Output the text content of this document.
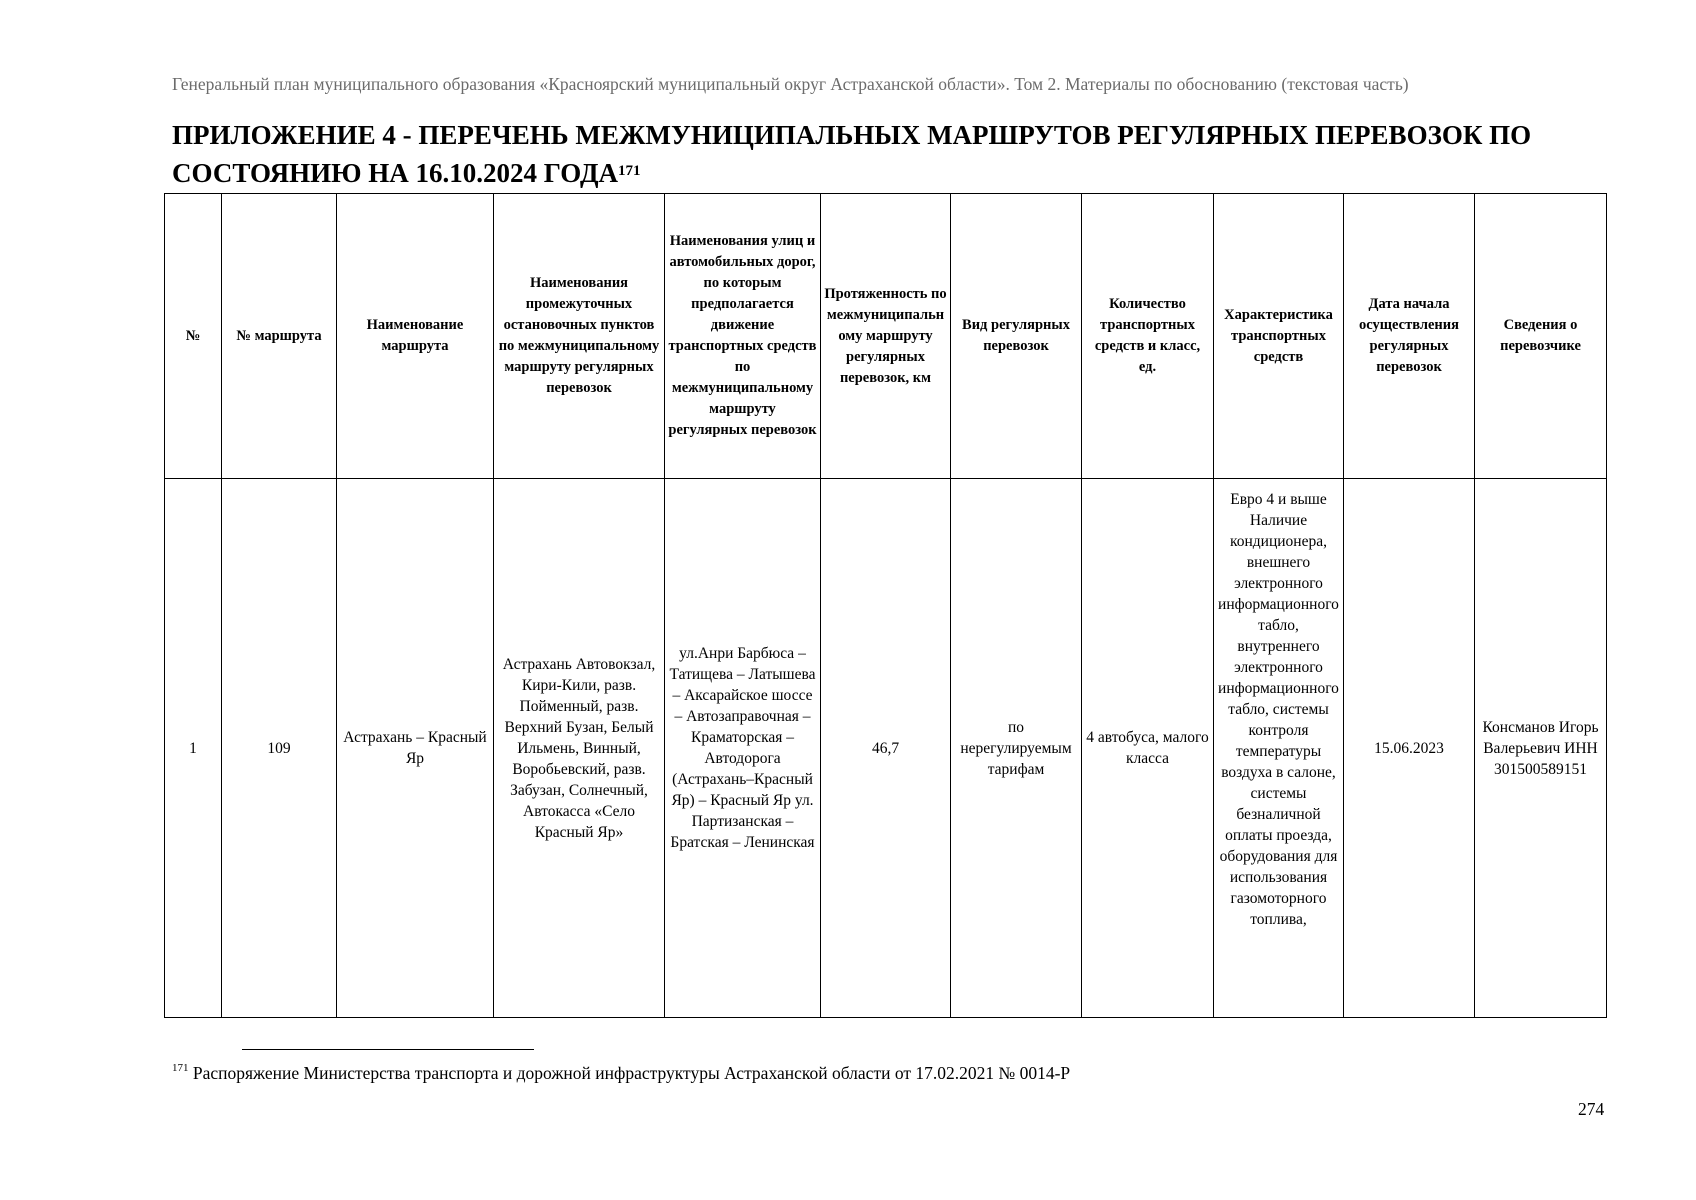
Генеральный план муниципального образования «Красноярский муниципальный округ Астраханской области». Том 2. Материалы по обоснованию (текстовая часть)
ПРИЛОЖЕНИЕ 4 - ПЕРЕЧЕНЬ МЕЖМУНИЦИПАЛЬНЫХ МАРШРУТОВ РЕГУЛЯРНЫХ ПЕРЕВОЗОК ПО СОСТОЯНИЮ НА 16.10.2024 ГОДА$^{171}$
№	№ маршрута	Наименование маршрута	Наименования промежуточных остановочных пунктов по межмуниципальному маршруту регулярных перевозок	Наименования улиц и автомобильных дорог, по которым предполагается движение транспортных средств по межмуниципальному маршруту регулярных перевозок	Протяженность по межмуниципальному маршруту регулярных перевозок, км	Вид регулярных перевозок	Количество транспортных средств и класс, ед.	Характеристика транспортных средств	Дата начала осуществления регулярных перевозок	Сведения о перевозчике
1	109	Астрахань – Красный Яр	Астрахань Автовокзал, Кири-Кили, разв. Пойменный, разв. Верхний Бузан, Белый Ильмень, Винный, Воробьевский, разв. Забузан, Солнечный, Автокасса «Село Красный Яр»	ул.Анри Барбюса – Татищева – Латышева – Аксарайское шоссе – Автозаправочная – Краматорская – Автодорога (Астрахань–Красный Яр) – Красный Яр ул. Партизанская – Братская – Ленинская	46,7	по нерегулируемым тарифам	4 автобуса, малого класса	Евро 4 и выше Наличие кондиционера, внешнего электронного информационного табло, внутреннего электронного информационного табло, системы контроля температуры воздуха в салоне, системы безналичной оплаты проезда, оборудования для использования газомоторного топлива,	15.06.2023	Консманов Игорь Валерьевич ИНН 301500589151
$^{171}$ Распоряжение Министерства транспорта и дорожной инфраструктуры Астраханской области от 17.02.2021 № 0014-Р
274
